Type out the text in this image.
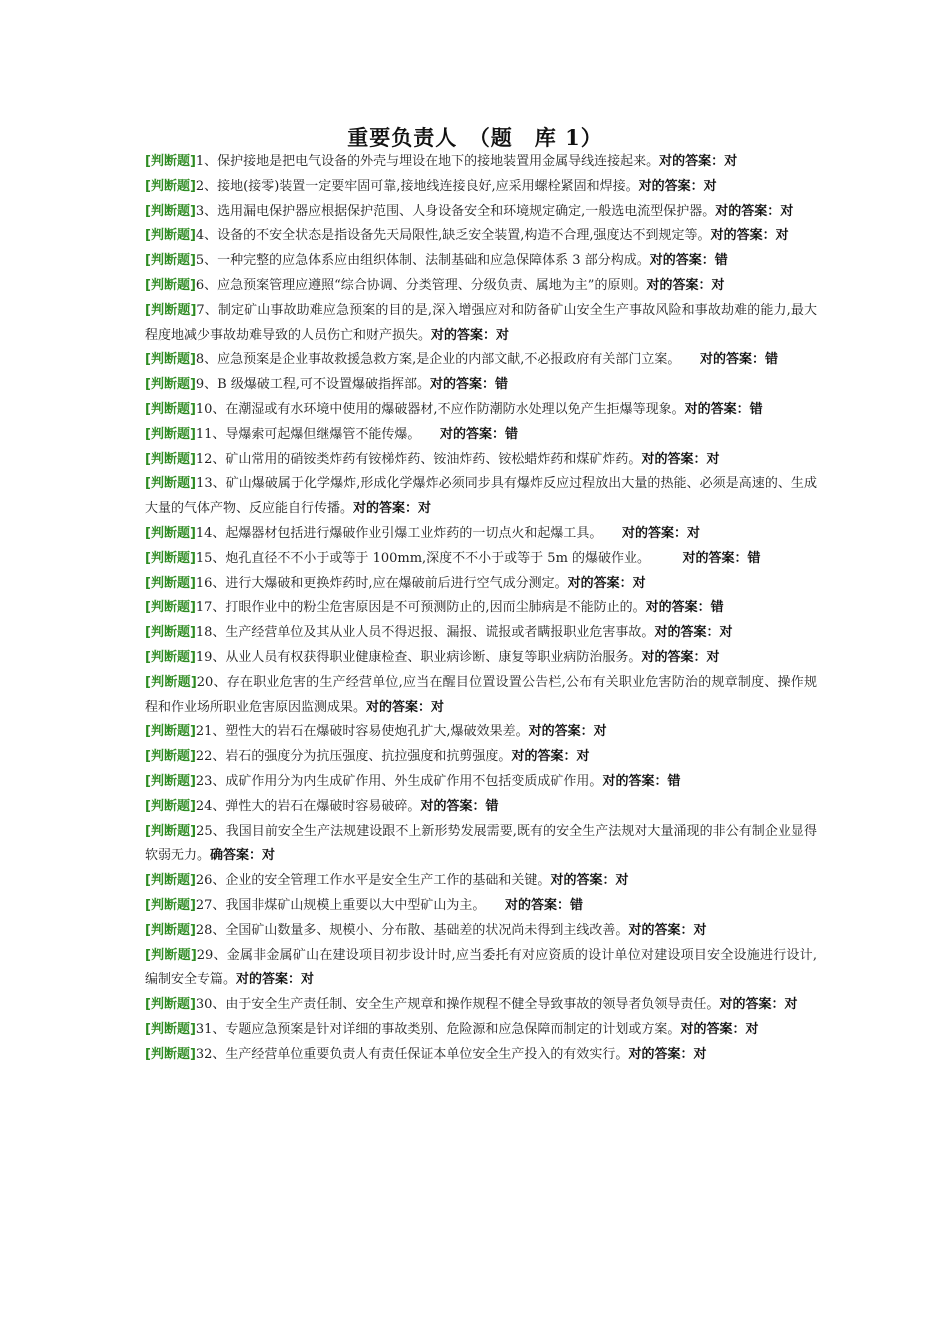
重要负责人　（题　库 1）
[判断题]1、保护接地是把电气设备的外壳与埋设在地下的接地装置用金属导线连接起来。对的答案：对
[判断题]2、接地(接零)装置一定要牢固可靠,接地线连接良好,应采用螺栓紧固和焊接。对的答案：对
[判断题]3、选用漏电保护器应根据保护范围、人身设备安全和环境规定确定,一般选电流型保护器。对的答案：对
[判断题]4、设备的不安全状态是指设备先天局限性,缺乏安全装置,构造不合理,强度达不到规定等。对的答案：对
[判断题]5、一种完整的应急体系应由组织体制、法制基础和应急保障体系 3 部分构成。对的答案：错
[判断题]6、应急预案管理应遵照“综合协调、分类管理、分级负责、属地为主”的原则。对的答案：对
[判断题]7、制定矿山事故助难应急预案的目的是,深入增强应对和防备矿山安全生产事故风险和事故劫难的能力,最大程度地减少事故劫难导致的人员伤亡和财产损失。对的答案：对
[判断题]8、应急预案是企业事故救援急救方案,是企业的内部文献,不必报政府有关部门立案。　　对的答案：错
[判断题]9、B 级爆破工程,可不设置爆破指挥部。对的答案：错
[判断题]10、在潮湿或有水环境中使用的爆破器材,不应作防潮防水处理以免产生拒爆等现象。对的答案：错
[判断题]11、导爆索可起爆但继爆管不能传爆。　　对的答案：错
[判断题]12、矿山常用的硝铵类炸药有铵梯炸药、铵油炸药、铵松蜡炸药和煤矿炸药。对的答案：对
[判断题]13、矿山爆破属于化学爆炸,形成化学爆炸必须同步具有爆炸反应过程放出大量的热能、必须是高速的、生成大量的气体产物、反应能自行传播。对的答案：对
[判断题]14、起爆器材包括进行爆破作业引爆工业炸药的一切点火和起爆工具。　　对的答案：对
[判断题]15、炮孔直径不不小于或等于 100mm,深度不不小于或等于 5m 的爆破作业。　　　对的答案：错
[判断题]16、进行大爆破和更换炸药时,应在爆破前后进行空气成分测定。对的答案：对
[判断题]17、打眼作业中的粉尘危害原因是不可预测防止的,因而尘肺病是不能防止的。对的答案：错
[判断题]18、生产经营单位及其从业人员不得迟报、漏报、谎报或者瞒报职业危害事故。对的答案：对
[判断题]19、从业人员有权获得职业健康检查、职业病诊断、康复等职业病防治服务。对的答案：对
[判断题]20、存在职业危害的生产经营单位,应当在醒目位置设置公告栏,公布有关职业危害防治的规章制度、操作规程和作业场所职业危害原因监测成果。对的答案：对
[判断题]21、塑性大的岩石在爆破时容易使炮孔扩大,爆破效果差。对的答案：对
[判断题]22、岩石的强度分为抗压强度、抗拉强度和抗剪强度。对的答案：对
[判断题]23、成矿作用分为内生成矿作用、外生成矿作用不包括变质成矿作用。对的答案：错
[判断题]24、弹性大的岩石在爆破时容易破碎。对的答案：错
[判断题]25、我国目前安全生产法规建设跟不上新形势发展需要,既有的安全生产法规对大量涌现的非公有制企业显得软弱无力。确答案：对
[判断题]26、企业的安全管理工作水平是安全生产工作的基础和关键。对的答案：对
[判断题]27、我国非煤矿山规模上重要以大中型矿山为主。　　对的答案：错
[判断题]28、全国矿山数量多、规模小、分布散、基础差的状况尚未得到主线改善。对的答案：对
[判断题]29、金属非金属矿山在建设项目初步设计时,应当委托有对应资质的设计单位对建设项目安全设施进行设计,编制安全专篇。对的答案：对
[判断题]30、由于安全生产责任制、安全生产规章和操作规程不健全导致事故的领导者负领导责任。对的答案：对
[判断题]31、专题应急预案是针对详细的事故类别、危险源和应急保障而制定的计划或方案。对的答案：对
[判断题]32、生产经营单位重要负责人有责任保证本单位安全生产投入的有效实行。对的答案：对
